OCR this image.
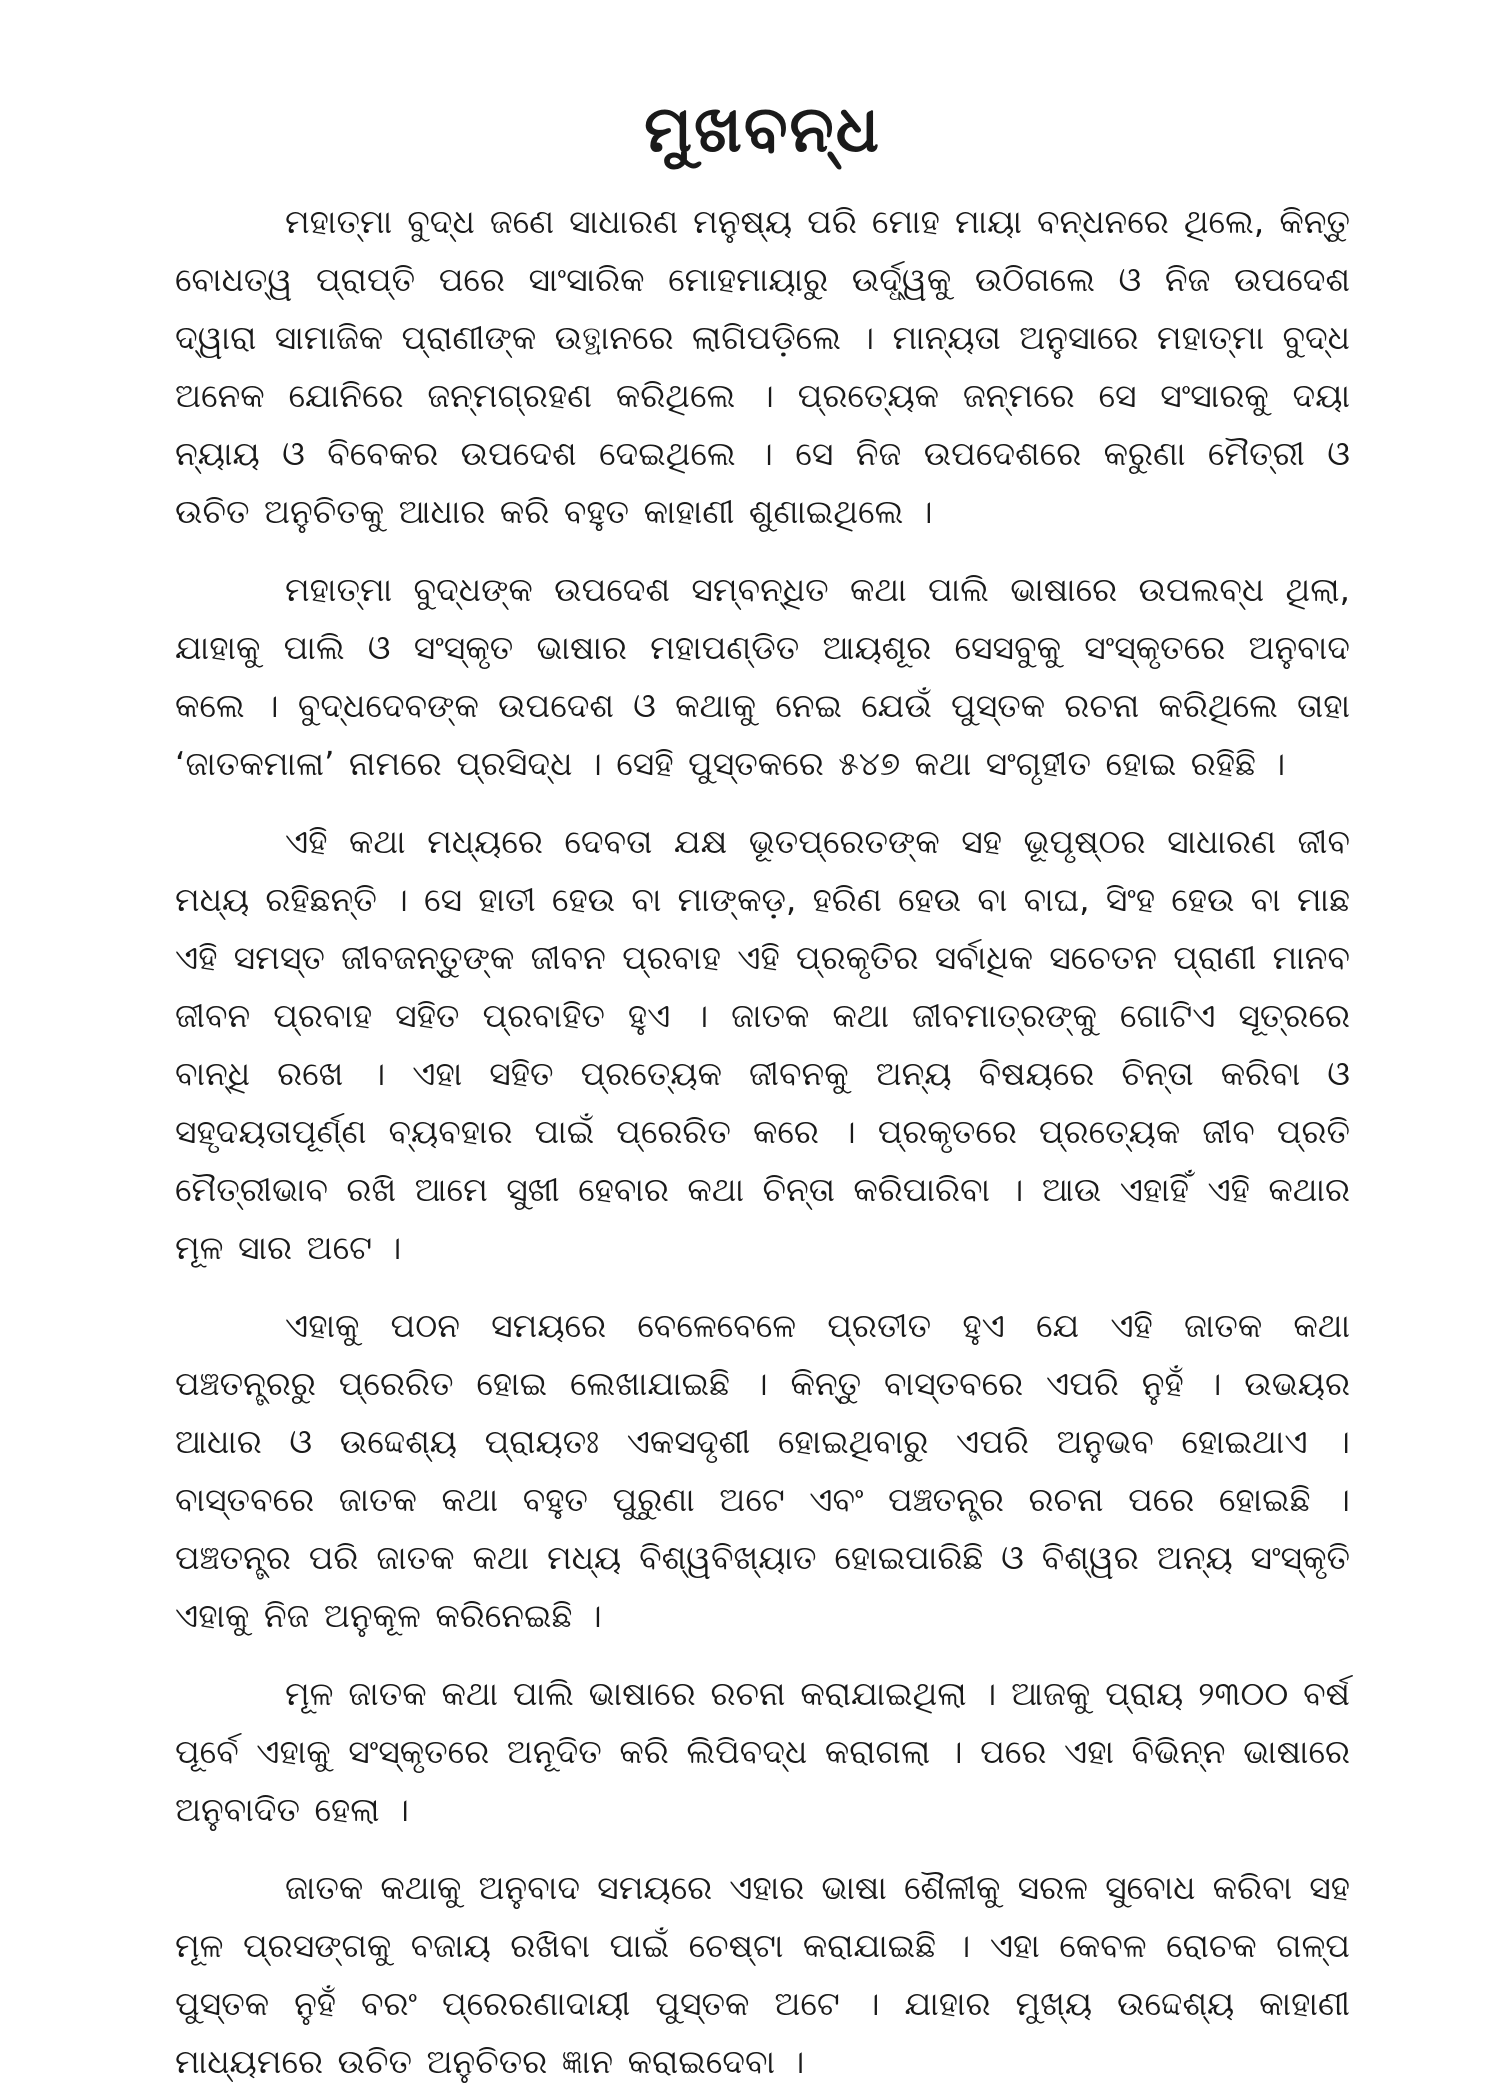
ମୁଖବନ୍ଧ

ମହାତ୍ମା ବୁଦ୍ଧ ଜଣେ ସାଧାରଣ ମନୁଷ୍ୟ ପରି ମୋହ ମାୟା ବନ୍ଧନରେ ଥିଲେ, କିନ୍ତୁ ବୋଧତ୍ୱ ପ୍ରାପ୍ତି ପରେ ସାଂସାରିକ ମୋହମାୟାରୁ ଉର୍ଦ୍ଧ୍ୱକୁ ଉଠିଗଲେ ଓ ନିଜ ଉପଦେଶ ଦ୍ୱାରା ସାମାଜିକ ପ୍ରାଣୀଙ୍କ ଉତ୍ଥାନରେ ଲାଗିପଡ଼ିଲେ । ମାନ୍ୟତା ଅନୁସାରେ ମହାତ୍ମା ବୁଦ୍ଧ ଅନେକ ଯୋନିରେ ଜନ୍ମଗ୍ରହଣ କରିଥିଲେ । ପ୍ରତ୍ୟେକ ଜନ୍ମରେ ସେ ସଂସାରକୁ ଦୟା ନ୍ୟାୟ ଓ ବିବେକର ଉପଦେଶ ଦେଇଥିଲେ । ସେ ନିଜ ଉପଦେଶରେ କରୁଣା ମୈତ୍ରୀ ଓ ଉଚିତ ଅନୁଚିତକୁ ଆଧାର କରି ବହୁତ କାହାଣୀ ଶୁଣାଇଥିଲେ ।

ମହାତ୍ମା ବୁଦ୍ଧଙ୍କ ଉପଦେଶ ସମ୍ବନ୍ଧିତ କଥା ପାଲି ଭାଷାରେ ଉପଲବ୍ଧ ଥିଲା, ଯାହାକୁ ପାଲି ଓ ସଂସ୍କୃତ ଭାଷାର ମହାପଣ୍ଡିତ ଆୟଶୂର ସେସବୁକୁ ସଂସ୍କୃତରେ ଅନୁବାଦ କଲେ । ବୁଦ୍ଧଦେବଙ୍କ ଉପଦେଶ ଓ କଥାକୁ ନେଇ ଯେଉଁ ପୁସ୍ତକ ରଚନା କରିଥିଲେ ତାହା ‘ଜାତକମାଳା’ ନାମରେ ପ୍ରସିଦ୍ଧ । ସେହି ପୁସ୍ତକରେ ୫୪୭ କଥା ସଂଗୃହୀତ ହୋଇ ରହିଛି ।

ଏହି କଥା ମଧ୍ୟରେ ଦେବତା ଯକ୍ଷ ଭୂତପ୍ରେତଙ୍କ ସହ ଭୂପୃଷ୍ଠର ସାଧାରଣ ଜୀବ ମଧ୍ୟ ରହିଛନ୍ତି । ସେ ହାତୀ ହେଉ ବା ମାଙ୍କଡ଼, ହରିଣ ହେଉ ବା ବାଘ, ସିଂହ ହେଉ ବା ମାଛ ଏହି ସମସ୍ତ ଜୀବଜନ୍ତୁଙ୍କ ଜୀବନ ପ୍ରବାହ ଏହି ପ୍ରକୃତିର ସର୍ବାଧିକ ସଚେତନ ପ୍ରାଣୀ ମାନବ ଜୀବନ ପ୍ରବାହ ସହିତ ପ୍ରବାହିତ ହୁଏ । ଜାତକ କଥା ଜୀବମାତ୍ରଙ୍କୁ ଗୋଟିଏ ସୂତ୍ରରେ ବାନ୍ଧି ରଖେ । ଏହା ସହିତ ପ୍ରତ୍ୟେକ ଜୀବନକୁ ଅନ୍ୟ ବିଷୟରେ ଚିନ୍ତା କରିବା ଓ ସହୃଦୟତାପୂର୍ଣ୍ଣ ବ୍ୟବହାର ପାଇଁ ପ୍ରେରିତ କରେ । ପ୍ରକୃତରେ ପ୍ରତ୍ୟେକ ଜୀବ ପ୍ରତି ମୈତ୍ରୀଭାବ ରଖି ଆମେ ସୁଖୀ ହେବାର କଥା ଚିନ୍ତା କରିପାରିବା । ଆଉ ଏହାହିଁ ଏହି କଥାର ମୂଳ ସାର ଅଟେ ।

ଏହାକୁ ପଠନ ସମୟରେ ବେଳେବେଳେ ପ୍ରତୀତ ହୁଏ ଯେ ଏହି ଜାତକ କଥା ପଞ୍ଚତନ୍ତ୍ରରୁ ପ୍ରେରିତ ହୋଇ ଲେଖାଯାଇଛି । କିନ୍ତୁ ବାସ୍ତବରେ ଏପରି ନୁହଁ । ଉଭୟର ଆଧାର ଓ ଉଦ୍ଦେଶ୍ୟ ପ୍ରାୟତଃ ଏକସଦୃଶୀ ହୋଇଥିବାରୁ ଏପରି ଅନୁଭବ ହୋଇଥାଏ । ବାସ୍ତବରେ ଜାତକ କଥା ବହୁତ ପୁରୁଣା ଅଟେ ଏବଂ ପଞ୍ଚତନ୍ତ୍ର ରଚନା ପରେ ହୋଇଛି । ପଞ୍ଚତନ୍ତ୍ର ପରି ଜାତକ କଥା ମଧ୍ୟ ବିଶ୍ୱବିଖ୍ୟାତ ହୋଇପାରିଛି ଓ ବିଶ୍ୱର ଅନ୍ୟ ସଂସ୍କୃତି ଏହାକୁ ନିଜ ଅନୁକୂଳ କରିନେଇଛି ।

ମୂଳ ଜାତକ କଥା ପାଲି ଭାଷାରେ ରଚନା କରାଯାଇଥିଲା । ଆଜକୁ ପ୍ରାୟ ୨୩୦୦ ବର୍ଷ ପୂର୍ବେ ଏହାକୁ ସଂସ୍କୃତରେ ଅନୂଦିତ କରି ଲିପିବଦ୍ଧ କରାଗଲା । ପରେ ଏହା ବିଭିନ୍ନ ଭାଷାରେ ଅନୁବାଦିତ ହେଲା ।

ଜାତକ କଥାକୁ ଅନୁବାଦ ସମୟରେ ଏହାର ଭାଷା ଶୈଳୀକୁ ସରଳ ସୁବୋଧ କରିବା ସହ ମୂଳ ପ୍ରସଙ୍ଗକୁ ବଜାୟ ରଖିବା ପାଇଁ ଚେଷ୍ଟା କରାଯାଇଛି । ଏହା କେବଳ ରୋଚକ ଗଳ୍ପ ପୁସ୍ତକ ନୁହଁ ବରଂ ପ୍ରେରଣାଦାୟୀ ପୁସ୍ତକ ଅଟେ । ଯାହାର ମୁଖ୍ୟ ଉଦ୍ଦେଶ୍ୟ କାହାଣୀ ମାଧ୍ୟମରେ ଉଚିତ ଅନୁଚିତର ଜ୍ଞାନ କରାଇଦେବା ।
